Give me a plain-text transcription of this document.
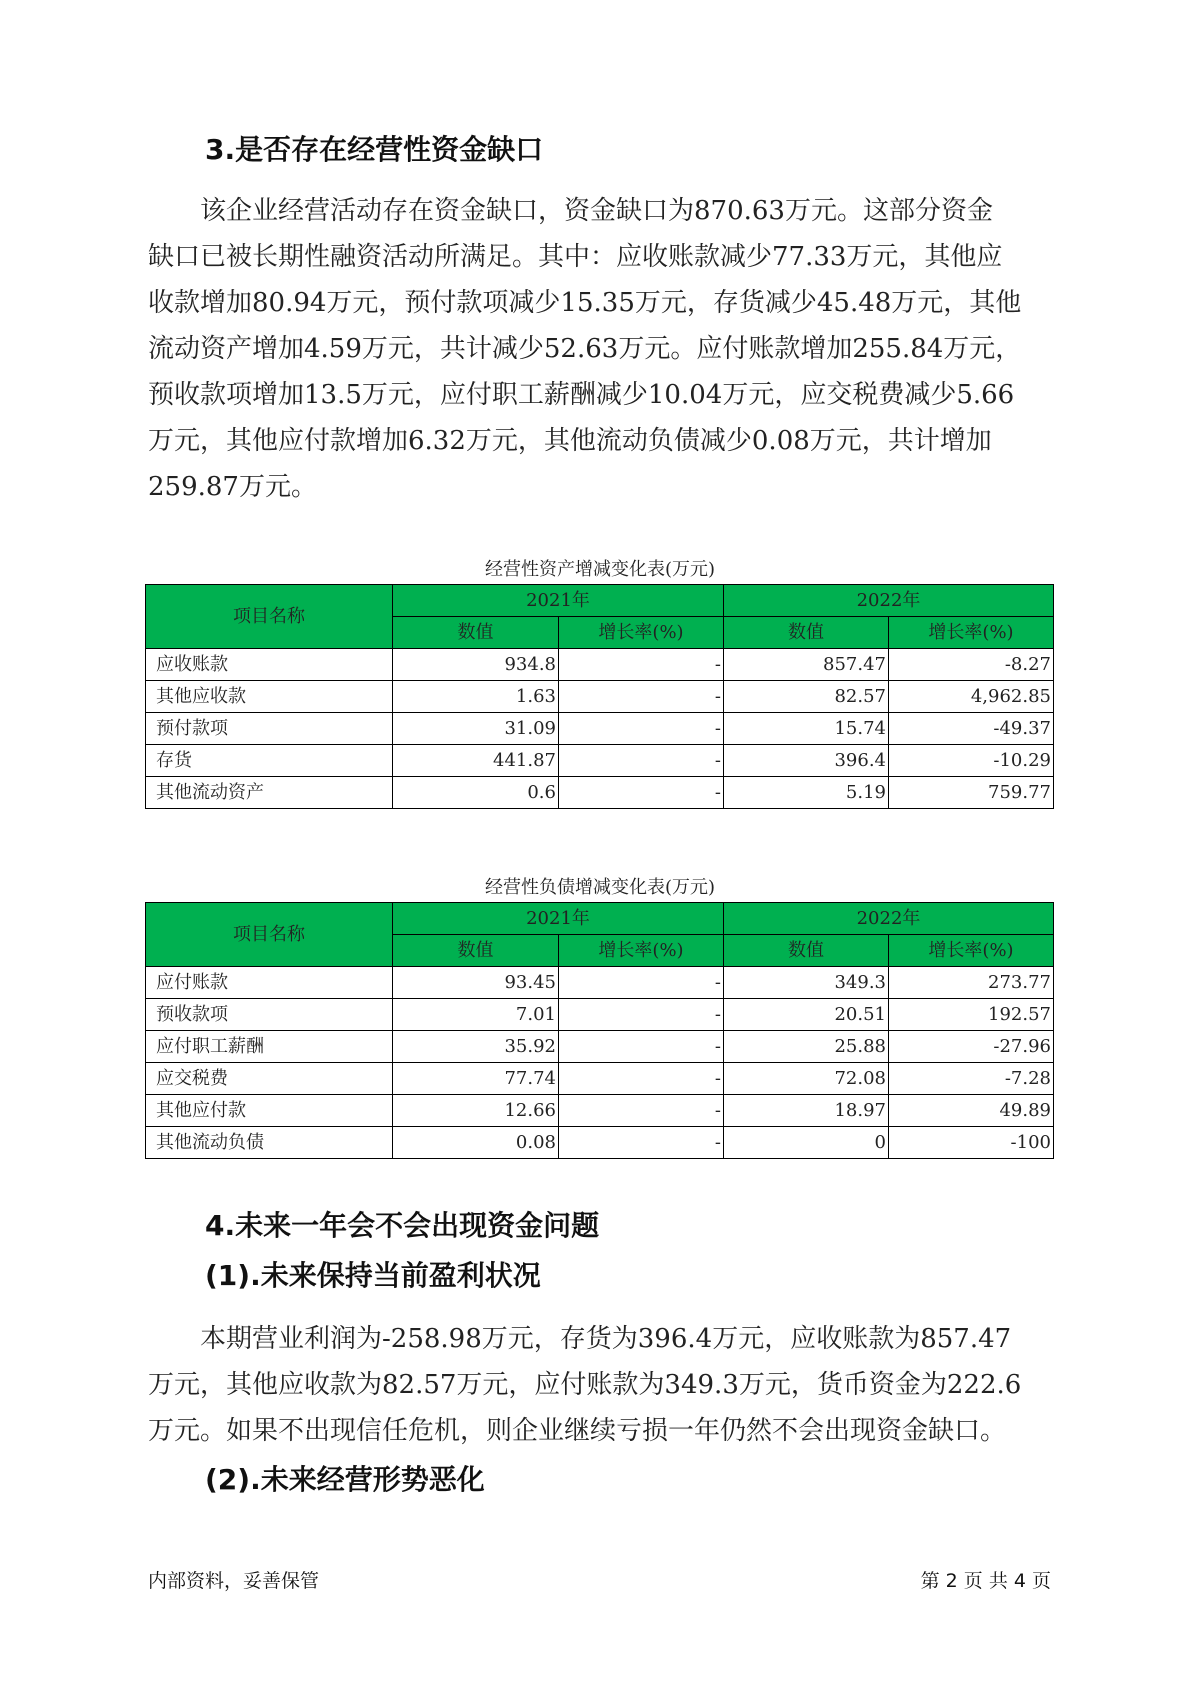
3.是否存在经营性资金缺口
该企业经营活动存在资金缺口，资金缺口为870.63万元。这部分资金
缺口已被长期性融资活动所满足。其中：应收账款减少77.33万元，其他应
收款增加80.94万元，预付款项减少15.35万元，存货减少45.48万元，其他
流动资产增加4.59万元，共计减少52.63万元。应付账款增加255.84万元，
预收款项增加13.5万元，应付职工薪酬减少10.04万元，应交税费减少5.66
万元，其他应付款增加6.32万元，其他流动负债减少0.08万元，共计增加
259.87万元。
经营性资产增减变化表(万元)
项目名称	2021年		2022年	
	数值	增长率(%)	数值	增长率(%)
应收账款	934.8	-	857.47	-8.27
其他应收款	1.63	-	82.57	4,962.85
预付款项	31.09	-	15.74	-49.37
存货	441.87	-	396.4	-10.29
其他流动资产	0.6	-	5.19	759.77
经营性负债增减变化表(万元)
项目名称	2021年		2022年	
	数值	增长率(%)	数值	增长率(%)
应付账款	93.45	-	349.3	273.77
预收款项	7.01	-	20.51	192.57
应付职工薪酬	35.92	-	25.88	-27.96
应交税费	77.74	-	72.08	-7.28
其他应付款	12.66	-	18.97	49.89
其他流动负债	0.08	-	0	-100
4.未来一年会不会出现资金问题
(1).未来保持当前盈利状况
本期营业利润为-258.98万元，存货为396.4万元，应收账款为857.47
万元，其他应收款为82.57万元，应付账款为349.3万元，货币资金为222.6
万元。如果不出现信任危机，则企业继续亏损一年仍然不会出现资金缺口。
(2).未来经营形势恶化
内部资料，妥善保管	第 2 页 共 4 页
